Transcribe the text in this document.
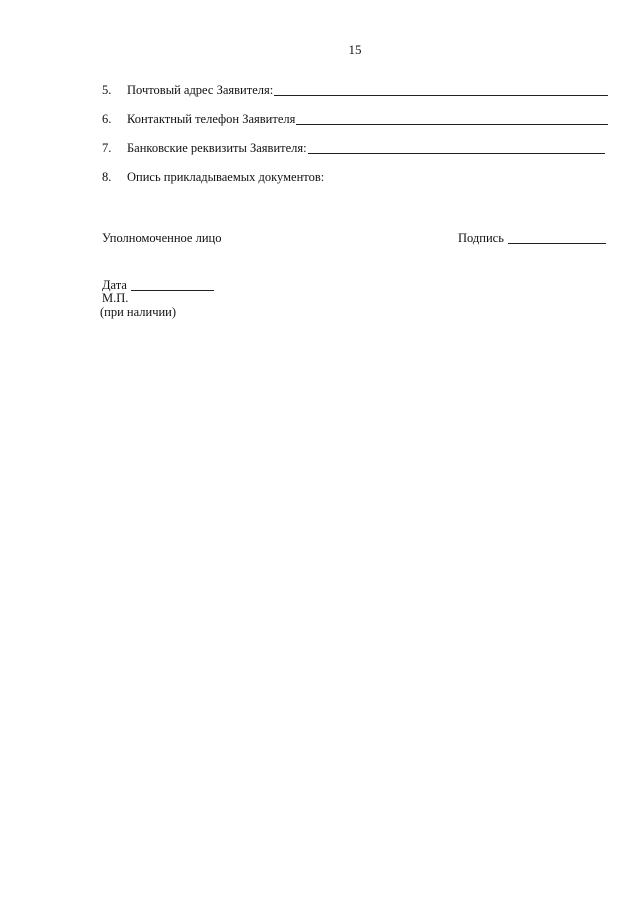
15
5.	Почтовый адрес Заявителя:
6.	Контактный телефон Заявителя
7.	Банковские реквизиты Заявителя:
8.	Опись прикладываемых документов:
Уполномоченное лицо	Подпись
Дата
М.П.
(при наличии)
